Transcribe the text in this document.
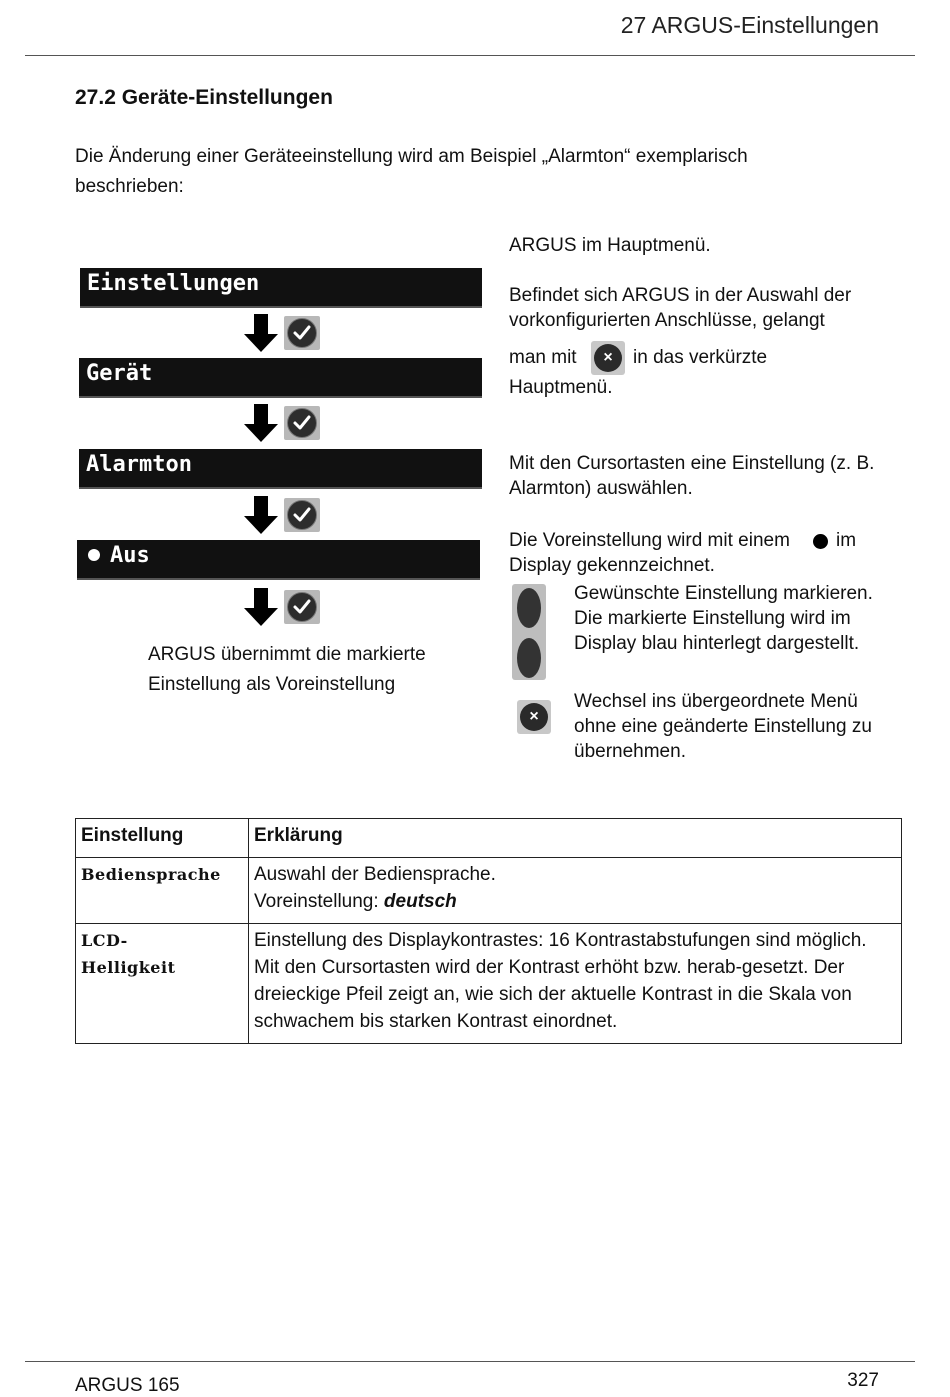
27 ARGUS-Einstellungen
27.2 Geräte-Einstellungen
Die Änderung einer Geräteeinstellung wird am Beispiel „Alarmton“ exemplarisch beschrieben:
Einstellungen
Gerät
Alarmton
Aus
ARGUS übernimmt die markierte Einstellung als Voreinstellung
ARGUS im Hauptmenü.
Befindet sich ARGUS in der Auswahl der vorkonfigurierten Anschlüsse, gelangt
man mit	×	in das verkürzte
Hauptmenü.
Mit den Cursortasten eine Einstellung (z. B. Alarmton) auswählen.
Die Voreinstellung wird mit einem im
Display gekennzeichnet.
Gewünschte Einstellung markieren. Die markierte Einstellung wird im Display blau hinterlegt dargestellt.
×
Wechsel ins übergeordnete Menü ohne eine geänderte Einstellung zu übernehmen.
Einstellung	Erklärung
Bediensprache	Auswahl der Bediensprache.
Voreinstellung: deutsch

LCD-Helligkeit	Einstellung des Displaykontrastes: 16 Kontrastabstufungen sind möglich. Mit den Cursortasten wird der Kontrast erhöht bzw. herab-gesetzt. Der dreieckige Pfeil zeigt an, wie sich der aktuelle Kontrast in die Skala von schwachem bis starken Kontrast einordnet.
ARGUS 165	327
